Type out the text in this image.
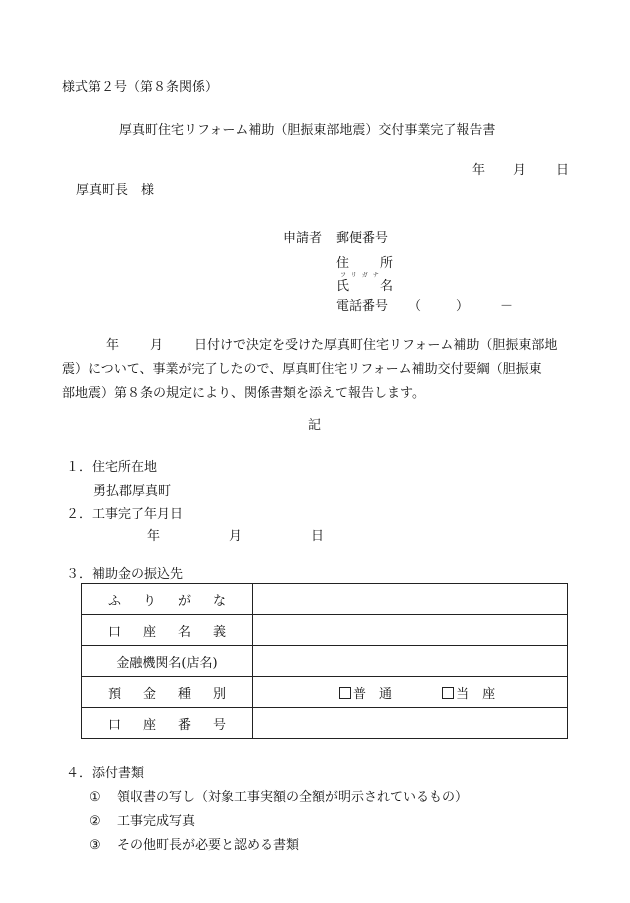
様式第２号（第８条関係）
厚真町住宅リフォーム補助（胆振東部地震）交付事業完了報告書
年 月 日
厚真町長　様
申請者 郵便番号
住 所
フリガナ
氏 名
電話番号 （	） －

年 月 日付けで決定を受けた厚真町住宅リフォーム補助（胆振東部地

震）について、事業が完了したので、厚真町住宅リフォーム補助交付要綱（胆振東

部地震）第８条の規定により、関係書類を添えて報告します。

記
１．住宅所在地
勇払郡厚真町
２．工事完了年月日
年	月	日
３．補助金の振込先
ふ り が な	

口 座 名 義	

金融機関名(店名)	

預 金 種 別	普　通 当　座

口 座 番 号	

４．添付書類
① 領収書の写し（対象工事実額の全額が明示されているもの）
② 工事完成写真
③ その他町長が必要と認める書類
